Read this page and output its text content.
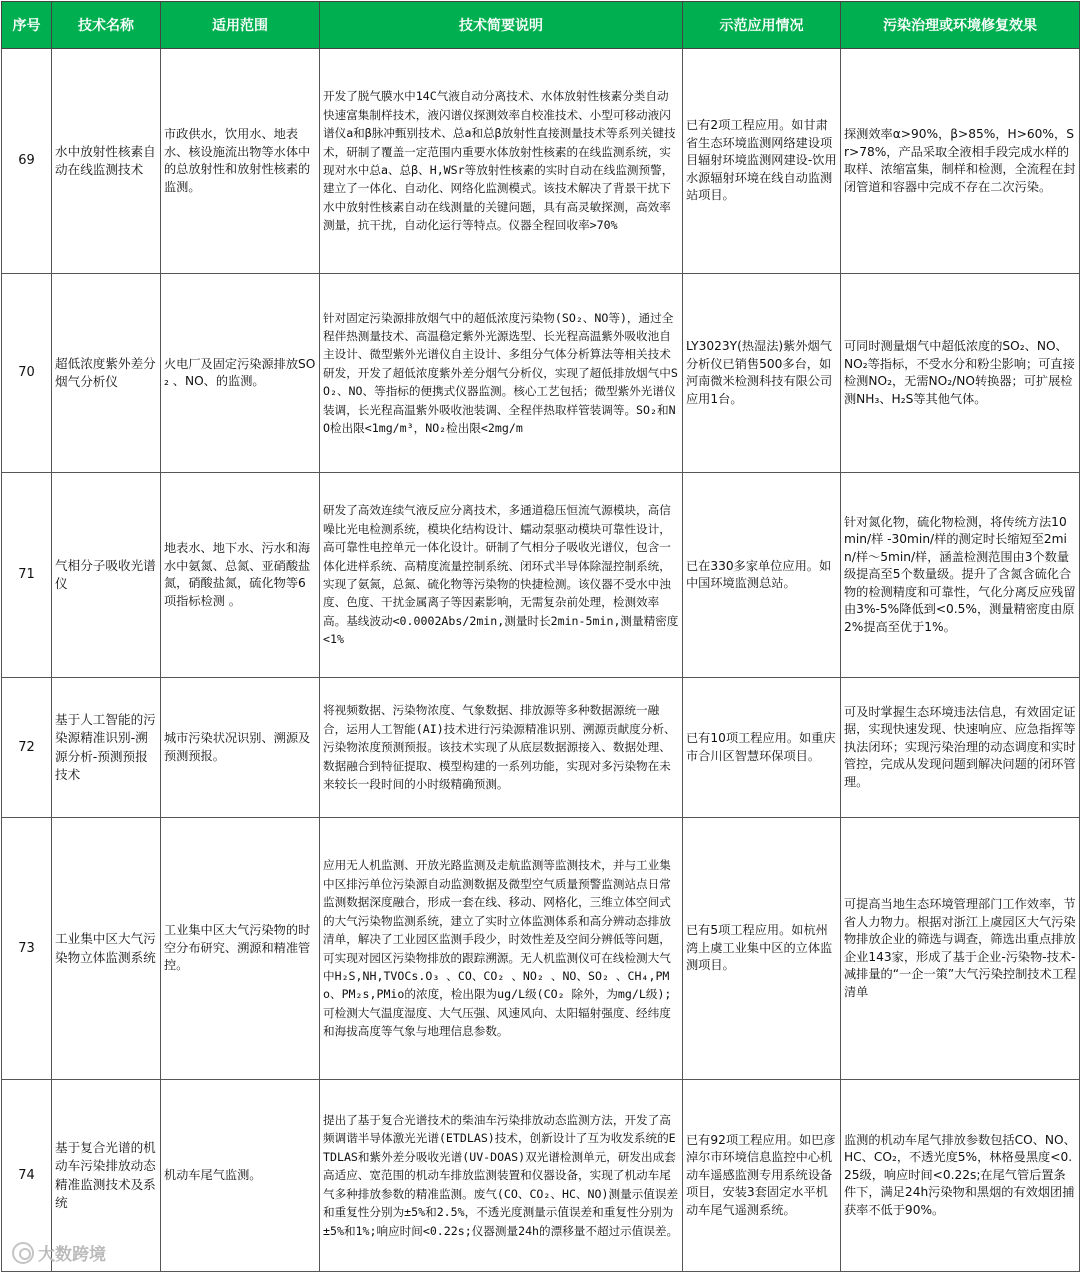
序号	技术名称	适用范围	技术简要说明	示范应用情况	污染治理或环境修复效果
69	水中放射性核素自动在线监测技术	市政供水，饮用水、地表水、核设施流出物等水体中的总放射性和放射性核素的监测。	开发了脱气膜水中14C气液自动分离技术、水体放射性核素分类自动快速富集制样技术，液闪谱仪探测效率自校准技术、小型可移动液闪谱仪a和β脉冲甄别技术、总a和总β放射性直接测量技术等系列关键技术，研制了覆盖一定范围内重要水体放射性核素的在线监测系统，实现对水中总a、总β、H,WSr等放射性核素的实时自动在线监测预警，建立了一体化、自动化、网络化监测模式。该技术解决了背景干扰下水中放射性核素自动在线测量的关键问题，具有高灵敏探测，高效率测量，抗干扰，自动化运行等特点。仪器全程回收率>70%	已有2项工程应用。如甘肃省生态环境监测网络建设项目辐射环境监测网建设-饮用水源辐射环境在线自动监测站项目。	探测效率α>90%，β>85%，H>60%，Sr>78%，产品采取全液相手段完成水样的取样、浓缩富集，制样和检测，全流程在封闭管道和容器中完成不存在二次污染。
70	超低浓度紫外差分烟气分析仪	火电厂及固定污染源排放SO₂ 、NO、的监测。	针对固定污染源排放烟气中的超低浓度污染物(SO₂、NO等)，通过全程伴热测量技术、高温稳定紫外光源选型、长光程高温紫外吸收池自主设计、微型紫外光谱仪自主设计、多组分气体分析算法等相关技术研发，开发了超低浓度紫外差分烟气分析仪，实现了超低排放烟气中SO₂、NO、等指标的便携式仪器监测。核心工艺包括；微型紫外光谱仪装调，长光程高温紫外吸收池装调、全程伴热取样管装调等。SO₂和NO检出限<1mg/m³，NO₂检出限<2mg/m	LY3023Y(热湿法)紫外烟气分析仪已销售500多台，如河南微米检测科技有限公司应用1台。	可同时测量烟气中超低浓度的SO₂、NO、NO₂等指标，不受水分和粉尘影响；可直接检测NO₂，无需NO₂/NO转换器；可扩展检测NH₃、H₂S等其他气体。
71	气相分子吸收光谱仪	地表水、地下水、污水和海水中氨氮、总氮、亚硝酸盐氮，硝酸盐氮，硫化物等6项指标检测 。	研发了高效连续气液反应分离技术，多通道稳压恒流气源模块，高信噪比光电检测系统，模块化结构设计、蠕动泵驱动模块可靠性设计，高可靠性电控单元一体化设计。研制了气相分子吸收光谱仪，包含一体化进样系统、高精度流量控制系统、闭环式半导体除湿控制系统，实现了氨氮，总氮、硫化物等污染物的快捷检测。该仪器不受水中浊度、色度、干扰金属离子等因素影响，无需复杂前处理，检测效率高。基线波动<0.0002Abs/2min,测量时长2min-5min,测量精密度<1%	已在330多家单位应用。如中国环境监测总站。	针对氮化物，硫化物检测，将传统方法10min/样 -30min/样的测定时长缩短至2min/样～5min/样，涵盖检测范围由3个数量级提高至5个数量级。提升了含氮含硫化合物的检测精度和可靠性，气化分离反应残留由3%-5%降低到<0.5%，测量精密度由原2%提高至优于1%。
72	基于人工智能的污染源精准识别-溯源分析-预测预报技术	城市污染状况识别、溯源及预测预报。	将视频数据、污染物浓度、气象数据、排放源等多种数据源统一融合，运用人工智能(AI)技术进行污染源精准识别、溯源贡献度分析、污染物浓度预测预报。该技术实现了从底层数据源接入、数据处理、数据融合到特征提取、模型构建的一系列功能，实现对多污染物在未来较长一段时间的小时级精确预测。	已有10项工程应用。如重庆市合川区智慧环保项目。	可及时掌握生态环境违法信息，有效固定证据，实现快速发现、快速响应、应急指挥等执法闭环；实现污染治理的动态调度和实时管控，完成从发现问题到解决问题的闭环管理。
73	工业集中区大气污染物立体监测系统	工业集中区大气污染物的时空分布研究、溯源和精准管控。	应用无人机监测、开放光路监测及走航监测等监测技术，并与工业集中区排污单位污染源自动监测数据及微型空气质量预警监测站点日常监测数据深度融合，形成一套在线、移动、网格化，三维立体空间式的大气污染物监测系统，建立了实时立体监测体系和高分辨动态排放清单，解决了工业园区监测手段少，时效性差及空间分辨低等问题，可实现对园区污染物排放的跟踪溯源。无人机监测仪可在线检测大气中H₂S,NH,TVOCs.O₃ 、CO、CO₂ 、NO₂ 、NO、SO₂ 、CH₄,PMo、PM₂s,PMio的浓度，检出限为ug/L级(CO₂ 除外，为mg/L级);可检测大气温度湿度、大气压强、风速风向、太阳辐射强度、经纬度和海拔高度等气象与地理信息参数。	已有5项工程应用。如杭州湾上虞工业集中区的立体监测项目。	可提高当地生态环境管理部门工作效率，节省人力物力。根据对浙江上虞园区大气污染物排放企业的筛选与调查，筛选出重点排放企业143家，形成了基于企业-污染物-技术-减排量的“一企一策”大气污染控制技术工程清单
74	基于复合光谱的机动车污染排放动态精准监测技术及系统	机动车尾气监测。	提出了基于复合光谱技术的柴油车污染排放动态监测方法，开发了高频调谐半导体激光光谱(ETDLAS)技术，创新设计了互为收发系统的ETDLAS和紫外差分吸收光谱(UV-DOAS)双光谱检测单元，研发出成套高适应、宽范围的机动车排放监测装置和仪器设备，实现了机动车尾气多种排放参数的精准监测。废气(CO、CO₂、HC、NO)测量示值误差和重复性分别为±5%和2.5%，不透光度测量示值误差和重复性分别为±5%和1%;响应时间<0.22s;仪器测量24h的漂移量不超过示值误差。	已有92项工程应用。如巴彦淖尔市环境信息监控中心机动车遥感监测专用系统设备项目，安装3套固定水平机动车尾气遥测系统。	监测的机动车尾气排放参数包括CO、NO、HC、CO₂，不透光度5%，林格曼黑度<0.25级，响应时间<0.22s;在尾气管后置条件下，满足24h污染物和黑烟的有效烟团捕获率不低于90%。
大数跨境
